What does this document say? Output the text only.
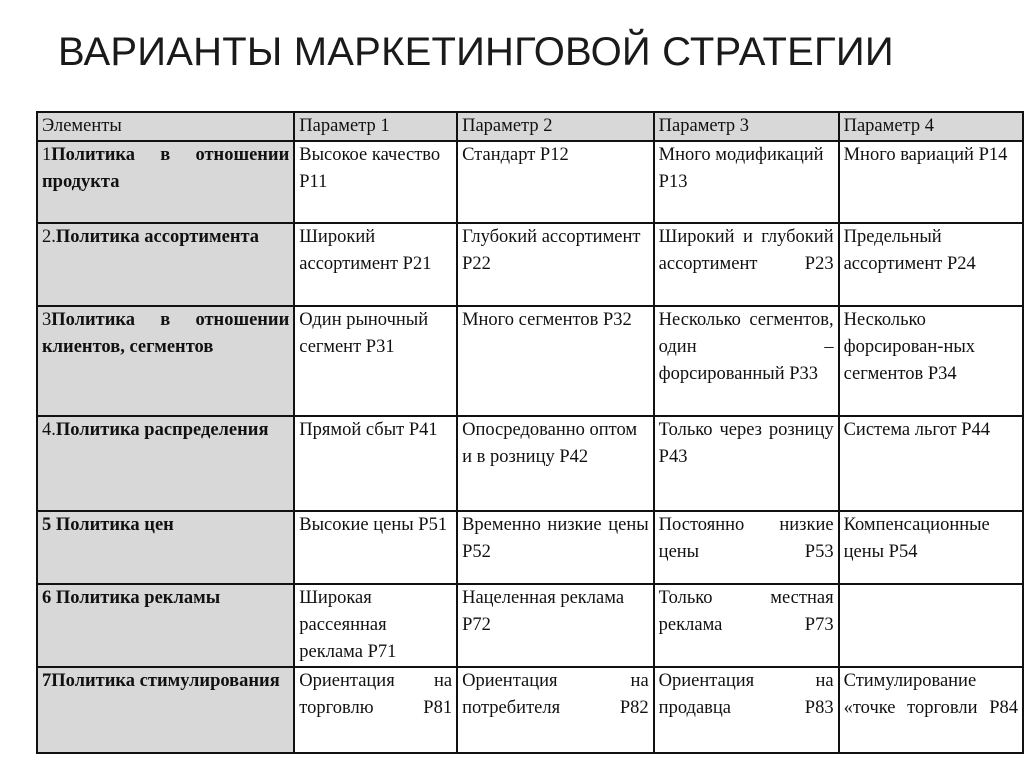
ВАРИАНТЫ МАРКЕТИНГОВОЙ СТРАТЕГИИ
Элементы	Параметр 1	Параметр 2	Параметр 3	Параметр 4
1Политика в отношении продукта	Высокое качество Р11	Стандарт Р12	Много модификаций Р13	Много вариаций Р14
2.Политика ассортимента	Широкий ассортимент Р21	Глубокий ассортимент Р22	Широкий и глубокий ассортимент Р23	Предельный ассортимент Р24
3Политика в отношении клиентов, сегментов	Один рыночный сегмент Р31	Много сегментов Р32	Несколько сегментов, один – форсированный Р33	Несколько форсирован-ных сегментов Р34
4.Политика распределения	Прямой сбыт Р41	Опосредованно оптом и в розницу Р42	Только через розницу Р43	Система льгот Р44
5 Политика цен	Высокие цены Р51	Временно низкие цены Р52	Постоянно низкие цены Р53	Компенсационные цены Р54
6 Политика рекламы	Широкая рассеянная реклама Р71	Нацеленная реклама Р72	Только местная реклама Р73	
7Политика стимулирования	Ориентация на торговлю Р81	Ориентация на потребителя Р82	Ориентация на продавца Р83	Стимулирование «точке торговли Р84
